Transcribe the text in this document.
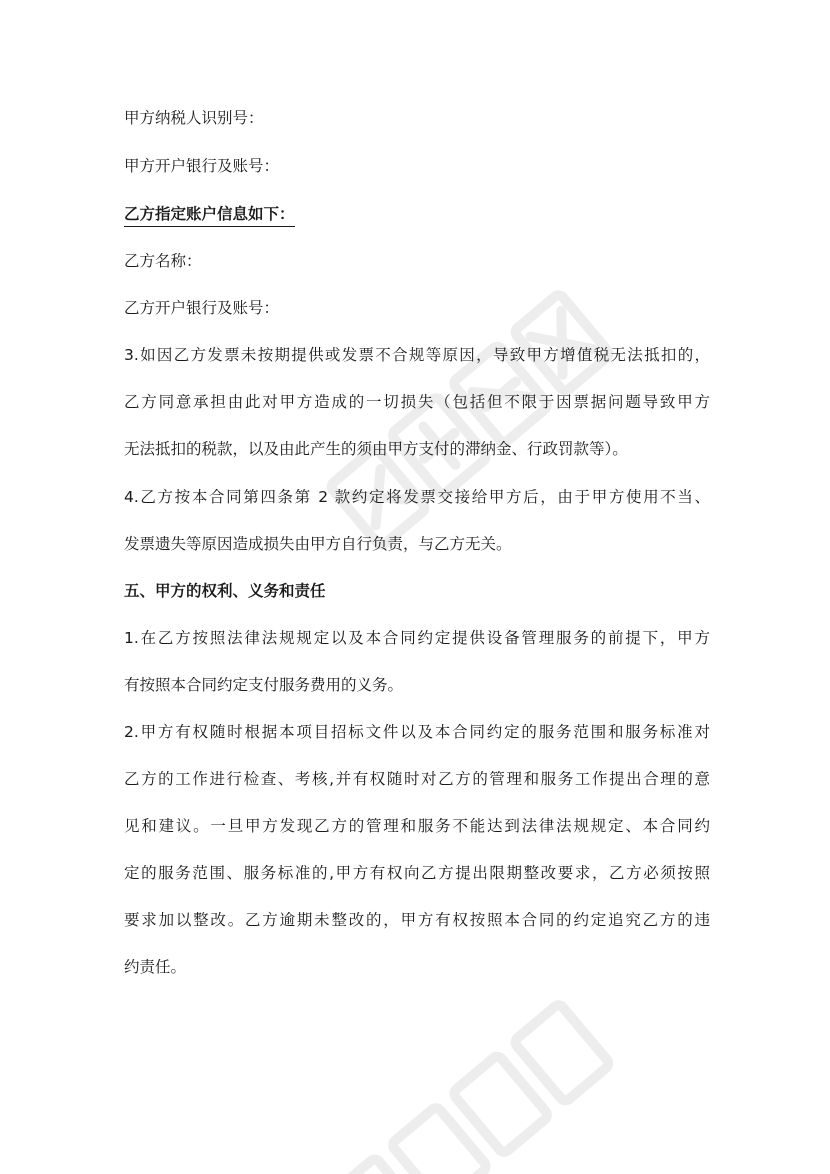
甲方纳税人识别号：

甲方开户银行及账号：

乙方指定账户信息如下：

乙方名称：

乙方开户银行及账号：

3.如因乙方发票未按期提供或发票不合规等原因，导致甲方增值税无法抵扣的，

乙方同意承担由此对甲方造成的一切损失（包括但不限于因票据问题导致甲方

无法抵扣的税款，以及由此产生的须由甲方支付的滞纳金、行政罚款等）。

4.乙方按本合同第四条第 2 款约定将发票交接给甲方后，由于甲方使用不当、

发票遗失等原因造成损失由甲方自行负责，与乙方无关。

五、甲方的权利、义务和责任

1.在乙方按照法律法规规定以及本合同约定提供设备管理服务的前提下，甲方

有按照本合同约定支付服务费用的义务。

2.甲方有权随时根据本项目招标文件以及本合同约定的服务范围和服务标准对

乙方的工作进行检查、考核,并有权随时对乙方的管理和服务工作提出合理的意

见和建议。一旦甲方发现乙方的管理和服务不能达到法律法规规定、本合同约

定的服务范围、服务标准的,甲方有权向乙方提出限期整改要求，乙方必须按照

要求加以整改。乙方逾期未整改的，甲方有权按照本合同的约定追究乙方的违

约责任。
